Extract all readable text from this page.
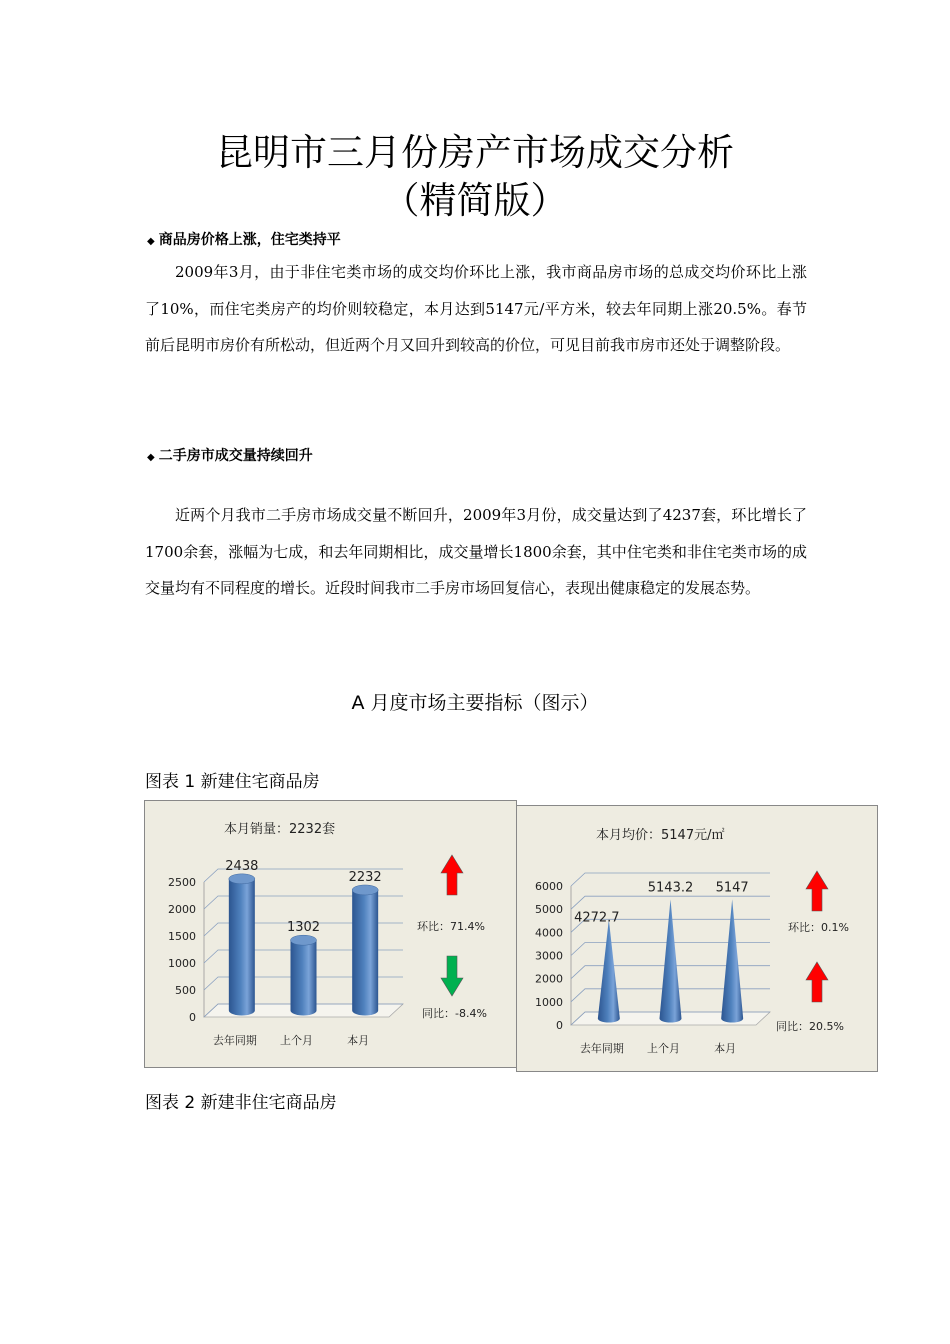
昆明市三月份房产市场成交分析
（精简版）
◆ 商品房价格上涨，住宅类持平

2009年3月，由于非住宅类市场的成交均价环比上涨，我市商品房市场的总成交均价环比上涨了10%，而住宅类房产的均价则较稳定，本月达到5147元/平方米，较去年同期上涨20.5%。春节前后昆明市房价有所松动，但近两个月又回升到较高的价位，可见目前我市房市还处于调整阶段。

◆ 二手房市成交量持续回升

近两个月我市二手房市场成交量不断回升，2009年3月份，成交量达到了4237套，环比增长了1700余套，涨幅为七成，和去年同期相比，成交量增长1800余套，其中住宅类和非住宅类市场的成交量均有不同程度的增长。近段时间我市二手房市场回复信心，表现出健康稳定的发展态势。

A 月度市场主要指标（图示）
图表 1 新建住宅商品房
本月销量：2232套
0
500
1000
1500
2000
2500
2438
去年同期
1302
上个月
2232
本月
环比：71.4%
同比：-8.4%
本月均价：5147元/㎡
0
1000
2000
3000
4000
5000
6000
4272.7
去年同期
5143.2
上个月
5147
本月
环比：0.1%
同比：20.5%
图表 2 新建非住宅商品房
